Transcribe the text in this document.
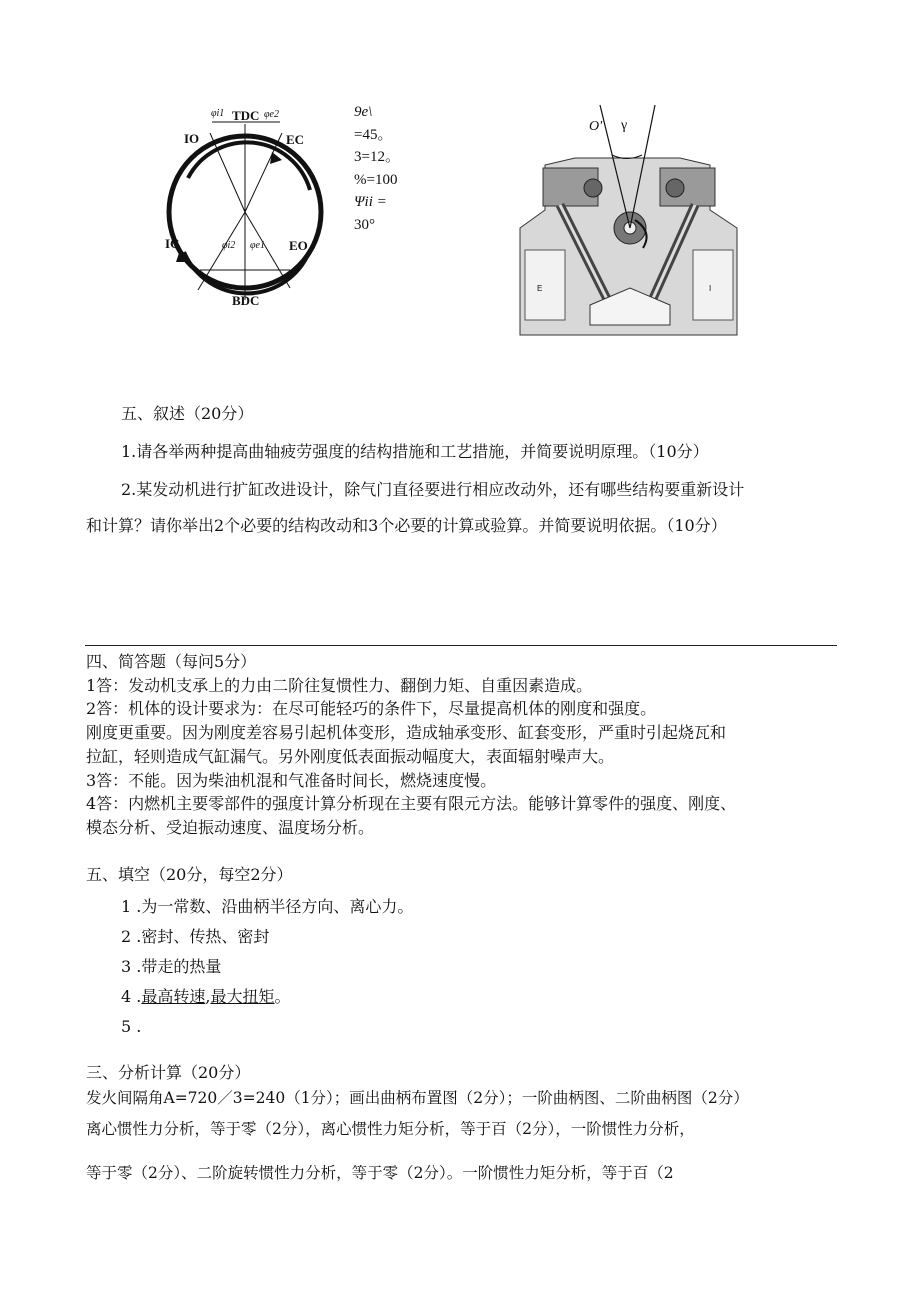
TDC
BDC
IO	EC
IC	EO
φi1	φe2
φi2 φe1
9e\
=45。
3=12。
%=100
Ψii =
30°
O' γ
E	I
五、叙述（20分）
1.请各举两种提高曲轴疲劳强度的结构措施和工艺措施，并简要说明原理。（10分）
2.某发动机进行扩缸改进设计，除气门直径要进行相应改动外，还有哪些结构要重新设计
和计算？请你举出2个必要的结构改动和3个必要的计算或验算。并简要说明依据。（10分）
四、简答题（每问5分）
1答：发动机支承上的力由二阶往复惯性力、翻倒力矩、自重因素造成。
2答：机体的设计要求为：在尽可能轻巧的条件下，尽量提高机体的刚度和强度。
刚度更重要。因为刚度差容易引起机体变形，造成轴承变形、缸套变形，严重时引起烧瓦和
拉缸，轻则造成气缸漏气。另外刚度低表面振动幅度大，表面辐射噪声大。
3答：不能。因为柴油机混和气准备时间长，燃烧速度慢。
4答：内燃机主要零部件的强度计算分析现在主要有限元方法。能够计算零件的强度、刚度、
模态分析、受迫振动速度、温度场分析。
五、填空（20分，每空2分）
1 .为一常数、沿曲柄半径方向、离心力。
2 .密封、传热、密封
3 .带走的热量
4 .最高转速,最大扭矩。
5 .
三、分析计算（20分）
发火间隔角A=720／3=240（1分）；画出曲柄布置图（2分）；一阶曲柄图、二阶曲柄图（2分）
离心惯性力分析，等于零（2分），离心惯性力矩分析，等于百（2分），一阶惯性力分析，
等于零（2分）、二阶旋转惯性力分析，等于零（2分）。一阶惯性力矩分析，等于百（2
